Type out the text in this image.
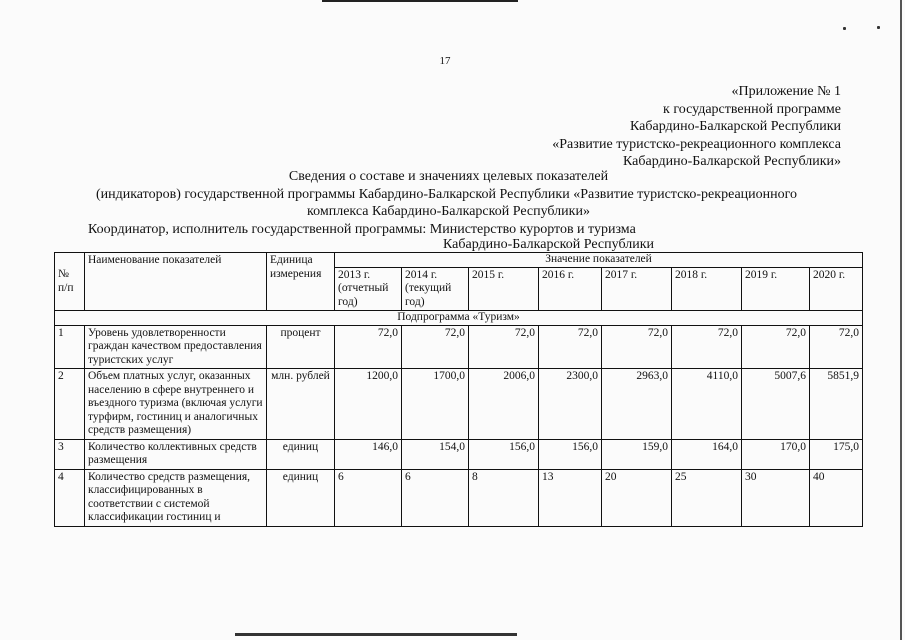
17
«Приложение № 1
к государственной программе
Кабардино-Балкарской Республики
«Развитие туристско-рекреационного комплекса
Кабардино-Балкарской Республики»
Сведения о составе и значениях целевых показателей
(индикаторов) государственной программы Кабардино-Балкарской Республики «Развитие туристско-рекреационного
комплекса Кабардино-Балкарской Республики»
Координатор, исполнитель государственной программы: Министерство курортов и туризма
Кабардино-Балкарской Республики
№ п/п	Наименование показателей	Единица измерения	Значение показателей							
			2013 г. (отчетный год)	2014 г. (текущий год)	2015 г.	2016 г.	2017 г.	2018 г.	2019 г.	2020 г.
Подпрограмма «Туризм»										
1	Уровень удовлетворенности граждан качеством предоставления туристских услуг	процент	72,0	72,0	72,0	72,0	72,0	72,0	72,0	72,0
2	Объем платных услуг, оказанных населению в сфере внутреннего и въездного туризма (включая услуги турфирм, гостиниц и аналогичных средств размещения)	млн. рублей	1200,0	1700,0	2006,0	2300,0	2963,0	4110,0	5007,6	5851,9
3	Количество коллективных средств размещения	единиц	146,0	154,0	156,0	156,0	159,0	164,0	170,0	175,0
4	Количество средств размещения, классифицированных в соответствии с системой классификации гостиниц и	единиц	6	6	8	13	20	25	30	40
